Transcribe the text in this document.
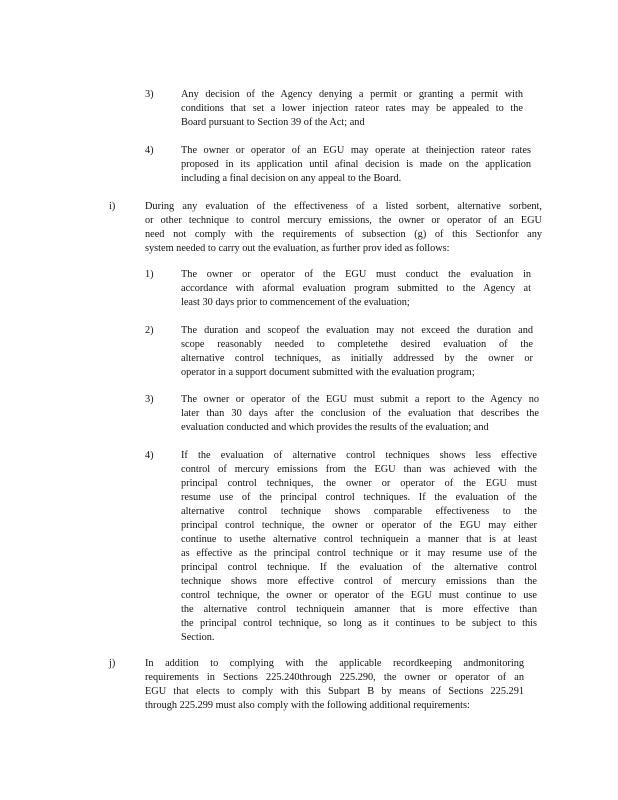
3)	Any decision of the Agency denying a permit or granting a permit with
conditions that set a lower injection rateor rates may be appealed to the
Board pursuant to Section 39 of the Act; and
4)	The owner or operator of an EGU may operate at theinjection rateor rates
proposed in its application until afinal decision is made on the application
including a final decision on any appeal to the Board.
i)	During any evaluation of the effectiveness of a listed sorbent, alternative sorbent,
or other technique to control mercury emissions, the owner or operator of an EGU
need not comply with the requirements of subsection (g) of this Sectionfor any
system needed to carry out the evaluation, as further prov ided as follows:
1)	The owner or operator of the EGU must conduct the evaluation in
accordance with aformal evaluation program submitted to the Agency at
least 30 days prior to commencement of the evaluation;
2)	The duration and scopeof the evaluation may not exceed the duration and
scope reasonably needed to completethe desired evaluation of the
alternative control techniques, as initially addressed by the owner or
operator in a support document submitted with the evaluation program;
3)	The owner or operator of the EGU must submit a report to the Agency no
later than 30 days after the conclusion of the evaluation that describes the
evaluation conducted and which provides the results of the evaluation; and
4)	If the evaluation of alternative control techniques shows less effective
control of mercury emissions from the EGU than was achieved with the
principal control techniques, the owner or operator of the EGU must
resume use of the principal control techniques. If the evaluation of the
alternative control technique shows comparable effectiveness to the
principal control technique, the owner or operator of the EGU may either
continue to usethe alternative control techniquein a manner that is at least
as effective as the principal control technique or it may resume use of the
principal control technique. If the evaluation of the alternative control
technique shows more effective control of mercury emissions than the
control technique, the owner or operator of the EGU must continue to use
the alternative control techniquein amanner that is more effective than
the principal control technique, so long as it continues to be subject to this
Section.
j)	In addition to complying with the applicable recordkeeping andmonitoring
requirements in Sections 225.240through 225.290, the owner or operator of an
EGU that elects to comply with this Subpart B by means of Sections 225.291
through 225.299 must also comply with the following additional requirements:
